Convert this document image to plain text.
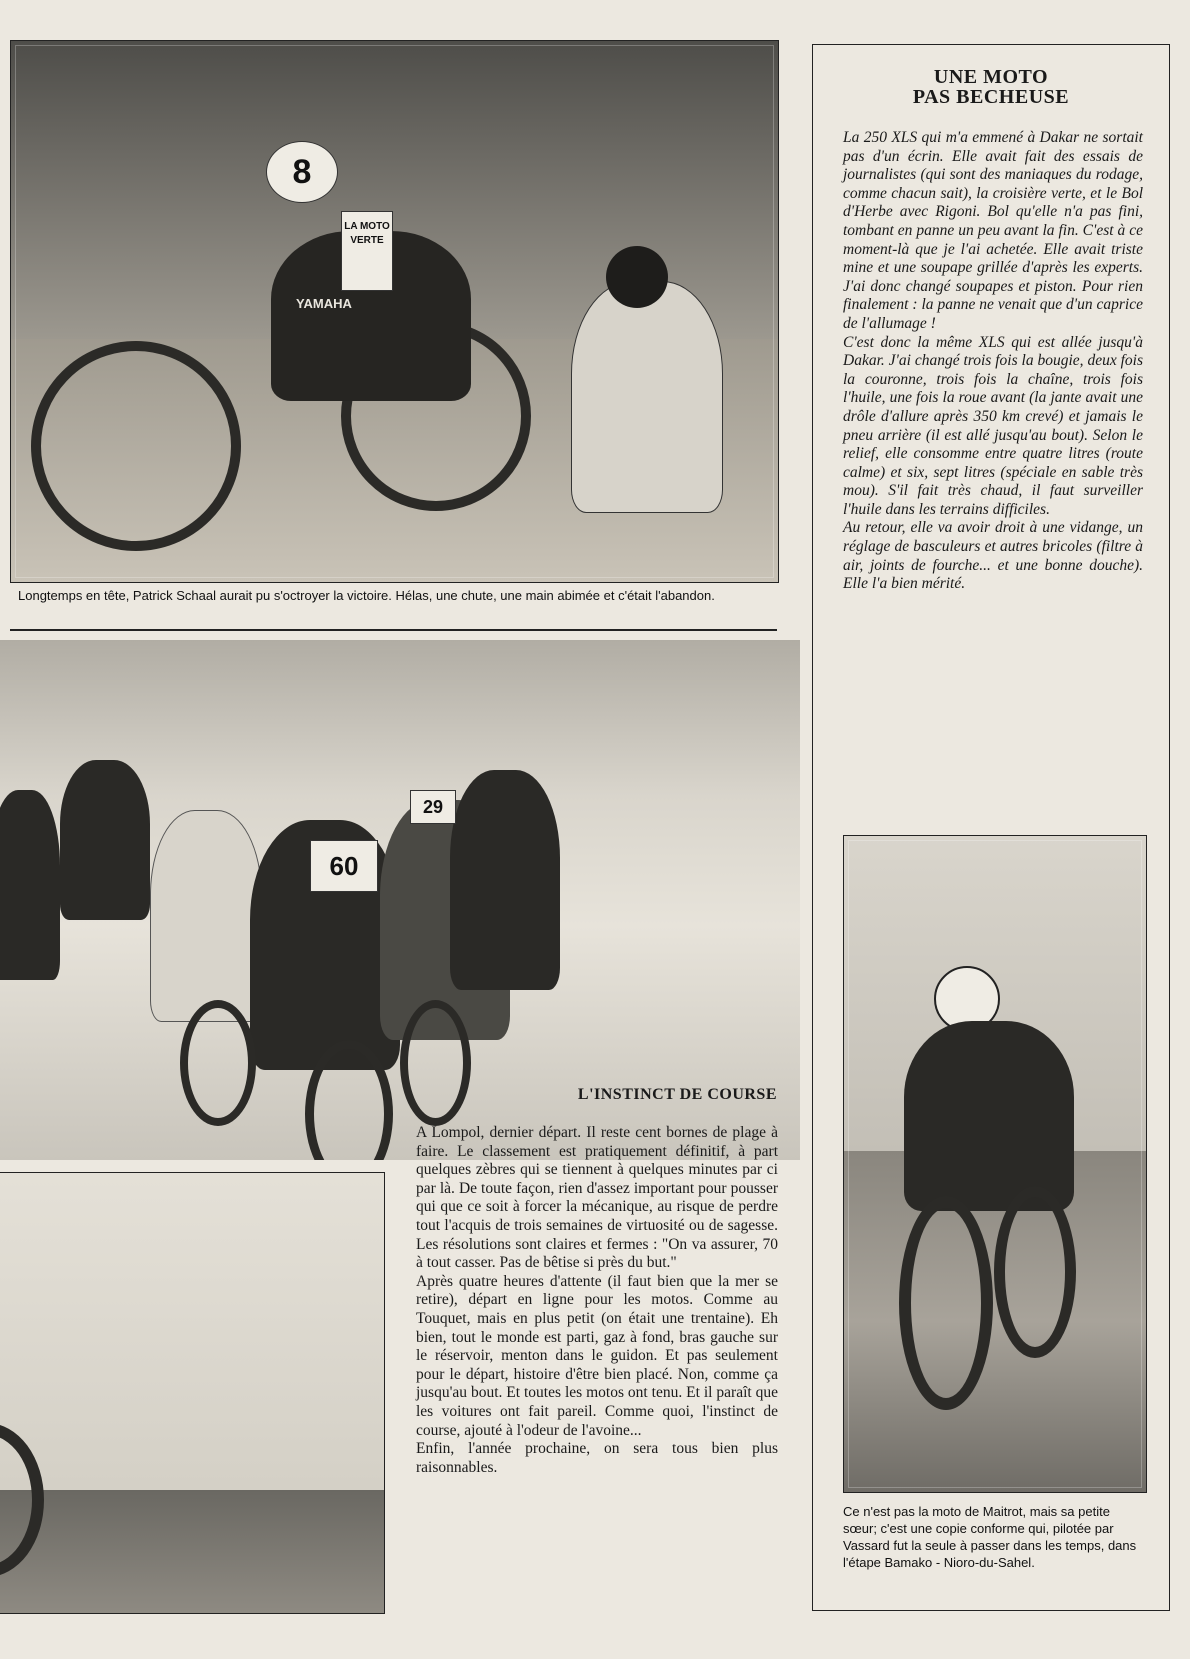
8
LA MOTO VERTE
YAMAHA
Longtemps en tête, Patrick Schaal aurait pu s'octroyer la victoire. Hélas, une chute, une main abimée et c'était l'abandon.
60
29
L'INSTINCT DE COURSE

A Lompol, dernier départ. Il reste cent bornes de plage à faire. Le classement est pratiquement définitif, à part quelques zèbres qui se tiennent à quelques minutes par ci par là. De toute façon, rien d'assez important pour pousser qui que ce soit à forcer la mécanique, au risque de perdre tout l'acquis de trois semaines de virtuosité ou de sagesse. Les résolutions sont claires et fermes : "On va assurer, 70 à tout casser. Pas de bêtise si près du but."

Après quatre heures d'attente (il faut bien que la mer se retire), départ en ligne pour les motos. Comme au Touquet, mais en plus petit (on était une trentaine). Eh bien, tout le monde est parti, gaz à fond, bras gauche sur le réservoir, menton dans le guidon. Et pas seulement pour le départ, histoire d'être bien placé. Non, comme ça jusqu'au bout. Et toutes les motos ont tenu. Et il paraît que les voitures ont fait pareil. Comme quoi, l'instinct de course, ajouté à l'odeur de l'avoine...

Enfin, l'année prochaine, on sera tous bien plus raisonnables.

UNE MOTO
PAS BECHEUSE

La 250 XLS qui m'a emmené à Dakar ne sortait pas d'un écrin. Elle avait fait des essais de journalistes (qui sont des maniaques du rodage, comme chacun sait), la croisière verte, et le Bol d'Herbe avec Rigoni. Bol qu'elle n'a pas fini, tombant en panne un peu avant la fin. C'est à ce moment-là que je l'ai achetée. Elle avait triste mine et une soupape grillée d'après les experts. J'ai donc changé soupapes et piston. Pour rien finalement : la panne ne venait que d'un caprice de l'allumage !

C'est donc la même XLS qui est allée jusqu'à Dakar. J'ai changé trois fois la bougie, deux fois la couronne, trois fois la chaîne, trois fois l'huile, une fois la roue avant (la jante avait une drôle d'allure après 350 km crevé) et jamais le pneu arrière (il est allé jusqu'au bout). Selon le relief, elle consomme entre quatre litres (route calme) et six, sept litres (spéciale en sable très mou). S'il fait très chaud, il faut surveiller l'huile dans les terrains difficiles.

Au retour, elle va avoir droit à une vidange, un réglage de basculeurs et autres bricoles (filtre à air, joints de fourche... et une bonne douche). Elle l'a bien mérité.

Ce n'est pas la moto de Maitrot, mais sa petite sœur; c'est une copie conforme qui, pilotée par Vassard fut la seule à passer dans les temps, dans l'étape Bamako - Nioro-du-Sahel.
